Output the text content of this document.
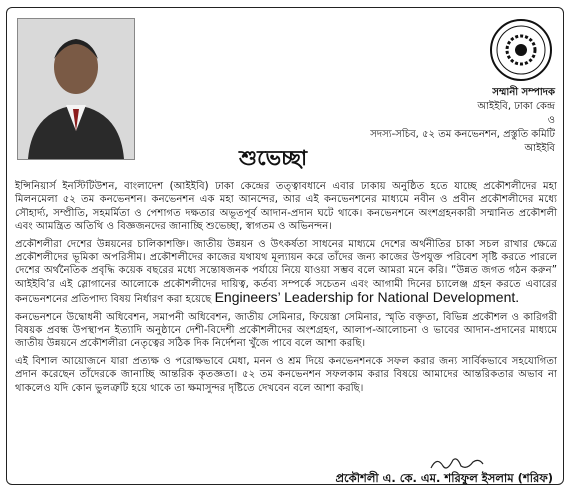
শুভেচ্ছা
সম্মানী সম্পাদক
আইইবি, ঢাকা কেন্দ্র
ও
সদস্য-সচিব, ৫২ তম কনভেনশন, প্রস্তুতি কমিটি
আইইবি

ইন্সিনিয়ার্স ইনস্টিটিউশন, বাংলাদেশ (আইইবি) ঢাকা কেন্দ্রের তত্ত্বাবধানে এবার ঢাকায় অনুষ্ঠিত হতে যাচ্ছে প্রকৌশলীদের মহা মিলনমেলা ৫২ তম কনভেনশন। কনভেনশন এক মহা আনন্দের, আর এই কনভেনশনের মাধ্যমে নবীন ও প্রবীন প্রকৌশলীদের মধ্যে সৌহার্দ্য, সম্প্রীতি, সহমর্মিতা ও পেশাগত দক্ষতার অভূতপূর্ব আদান-প্রদান ঘটে থাকে। কনভেনশনে অংশগ্রহনকারী সম্মানিত প্রকৌশলী এবং আমন্ত্রিত অতিথি ও বিজ্ঞজনদের জানাচ্ছি শুভেচ্ছা, স্বাগতম ও অভিনন্দন।

প্রকৌশলীরা দেশের উন্নয়নের চালিকাশক্তি। জাতীয় উন্নয়ন ও উৎকর্ষতা সাধনের মাধ্যমে দেশের অর্থনীতির চাকা সচল রাখার ক্ষেত্রে প্রকৌশলীদের ভূমিকা অপরিসীম। প্রকৌশলীদের কাজের যথাযথ মূল্যায়ন করে তাঁদের জন্য কাজের উপযুক্ত পরিবেশ সৃষ্টি করতে পারলে দেশের অর্থনৈতিক প্রবৃদ্ধি কয়েক বছরের মধ্যে সন্তোষজনক পর্যায়ে নিয়ে যাওয়া সম্ভব বলে আমরা মনে করি। “উন্নত জগত গঠন করুন” আইইবি’র এই স্লোগানের আলোকে প্রকৌশলীদের দায়িত্ব, কর্তব্য সম্পর্কে সচেতন এবং আগামী দিনের চ্যালেঞ্জ গ্রহন করতে এবারের কনভেনশনের প্রতিপাদ্য বিষয় নির্ধারণ করা হয়েছে Engineers’ Leadership for National Development.

কনভেনশনে উদ্বোধনী অধিবেশন, সমাপনী অধিবেশন, জাতীয় সেমিনার, ফিয়েস্তা সেমিনার, স্মৃতি বক্তৃতা, বিভিন্ন প্রকৌশল ও কারিগরী বিষয়ক প্রবন্ধ উপস্থাপন ইত্যাদি অনুষ্ঠানে দেশী-বিদেশী প্রকৌশলীদের অংশগ্রহণ, আলাপ-আলোচনা ও ভাবের আদান-প্রদানের মাধ্যমে জাতীয় উন্নয়নে প্রকৌশলীরা নেতৃত্বের সঠিক দিক নির্দেশনা খুঁজে পাবে বলে আশা করছি।

এই বিশাল আয়োজনে যারা প্রত্যক্ষ ও পরোক্ষভাবে মেধা, মনন ও শ্রম দিয়ে কনভেনশনকে সফল করার জন্য সার্বিকভাবে সহযোগিতা প্রদান করেছেন তাঁদেরকে জানাচ্ছি আন্তরিক কৃতজ্ঞতা। ৫২ তম কনভেনশন সফলকাম করার বিষয়ে আমাদের আন্তরিকতার অভাব না থাকলেও যদি কোন ভুলত্রুটি হয়ে থাকে তা ক্ষমাসুন্দর দৃষ্টিতে দেখবেন বলে আশা করছি।

প্রকৌশলী এ. কে. এম. শরিফুল ইসলাম (শরিফ)
